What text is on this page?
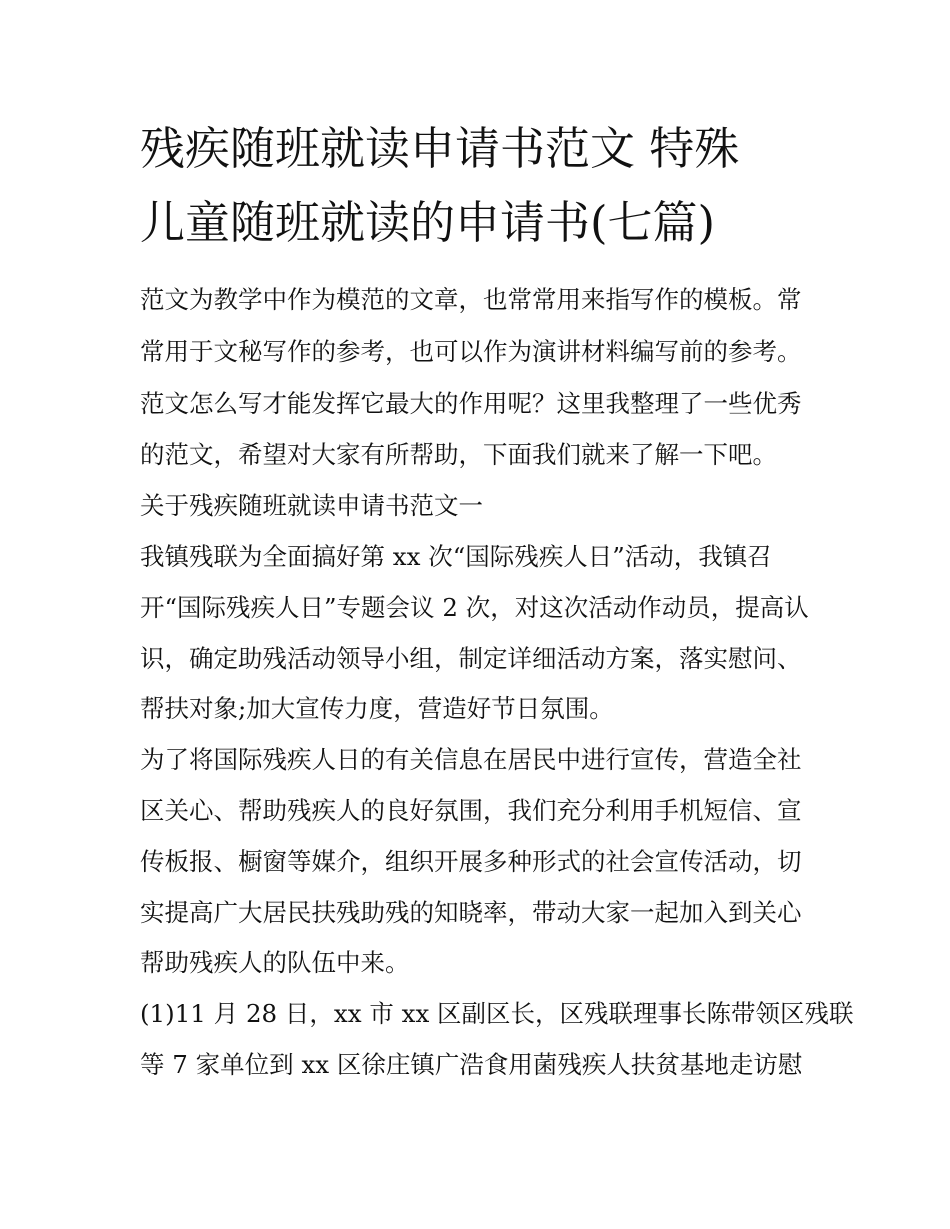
残疾随班就读申请书范文 特殊
儿童随班就读的申请书(七篇)

范文为教学中作为模范的文章，也常常用来指写作的模板。常

常用于文秘写作的参考，也可以作为演讲材料编写前的参考。

范文怎么写才能发挥它最大的作用呢？这里我整理了一些优秀

的范文，希望对大家有所帮助，下面我们就来了解一下吧。

关于残疾随班就读申请书范文一

我镇残联为全面搞好第 xx 次“国际残疾人日”活动，我镇召

开“国际残疾人日”专题会议 2 次，对这次活动作动员，提高认

识，确定助残活动领导小组，制定详细活动方案，落实慰问、

帮扶对象;加大宣传力度，营造好节日氛围。

为了将国际残疾人日的有关信息在居民中进行宣传，营造全社

区关心、帮助残疾人的良好氛围，我们充分利用手机短信、宣

传板报、橱窗等媒介，组织开展多种形式的社会宣传活动，切

实提高广大居民扶残助残的知晓率，带动大家一起加入到关心

帮助残疾人的队伍中来。

(1)11 月 28 日，xx 市 xx 区副区长，区残联理事长陈带领区残联

等 7 家单位到 xx 区徐庄镇广浩食用菌残疾人扶贫基地走访慰
